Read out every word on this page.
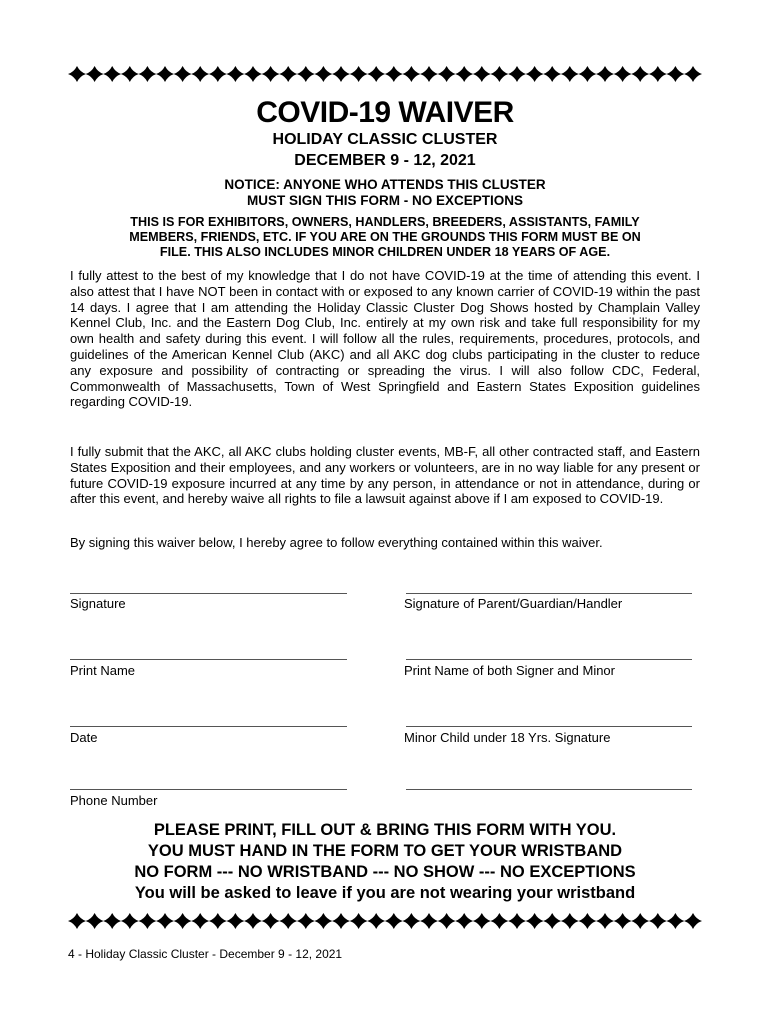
COVID-19 WAIVER
HOLIDAY CLASSIC CLUSTER
DECEMBER 9 - 12, 2021
NOTICE: ANYONE WHO ATTENDS THIS CLUSTER
MUST SIGN THIS FORM - NO EXCEPTIONS
THIS IS FOR EXHIBITORS, OWNERS, HANDLERS, BREEDERS, ASSISTANTS, FAMILY
MEMBERS, FRIENDS, ETC. IF YOU ARE ON THE GROUNDS THIS FORM MUST BE ON
FILE. THIS ALSO INCLUDES MINOR CHILDREN UNDER 18 YEARS OF AGE.
I fully attest to the best of my knowledge that I do not have COVID-19 at the time of attending this event. I also attest that I have NOT been in contact with or exposed to any known carrier of COVID-19 within the past 14 days. I agree that I am attending the Holiday Classic Cluster Dog Shows hosted by Champlain Valley Kennel Club, Inc. and the Eastern Dog Club, Inc. entirely at my own risk and take full responsibility for my own health and safety during this event. I will follow all the rules, requirements, procedures, protocols, and guidelines of the American Kennel Club (AKC) and all AKC dog clubs participating in the cluster to reduce any exposure and possibility of contracting or spreading the virus. I will also follow CDC, Federal, Commonwealth of Massachusetts, Town of West Springfield and Eastern States Exposition guidelines regarding COVID-19.
I fully submit that the AKC, all AKC clubs holding cluster events, MB-F, all other contracted staff, and Eastern States Exposition and their employees, and any workers or volunteers, are in no way liable for any present or future COVID-19 exposure incurred at any time by any person, in attendance or not in attendance, during or after this event, and hereby waive all rights to file a lawsuit against above if I am exposed to COVID-19.
By signing this waiver below, I hereby agree to follow everything contained within this waiver.
Signature	Signature of Parent/Guardian/Handler
Print Name	Print Name of both Signer and Minor
Date	Minor Child under 18 Yrs. Signature
Phone Number
PLEASE PRINT, FILL OUT & BRING THIS FORM WITH YOU.
YOU MUST HAND IN THE FORM TO GET YOUR WRISTBAND
NO FORM --- NO WRISTBAND --- NO SHOW --- NO EXCEPTIONS
You will be asked to leave if you are not wearing your wristband
4 - Holiday Classic Cluster - December 9 - 12, 2021
